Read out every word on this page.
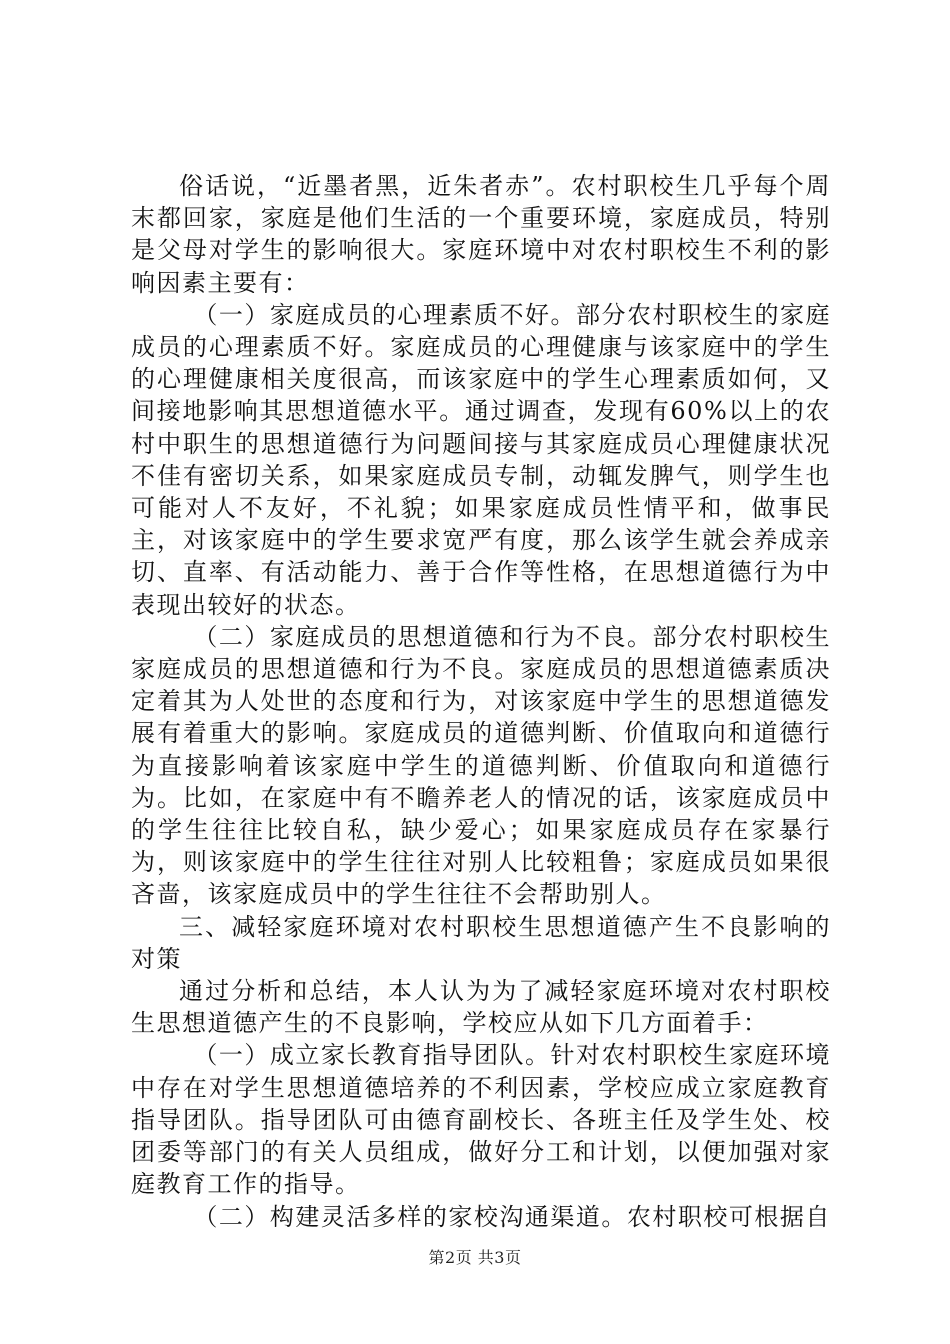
俗话说，“近墨者黑，近朱者赤”。农村职校生几乎每个周末都回家，家庭是他们生活的一个重要环境，家庭成员，特别是父母对学生的影响很大。家庭环境中对农村职校生不利的影响因素主要有：

（一）家庭成员的心理素质不好。部分农村职校生的家庭成员的心理素质不好。家庭成员的心理健康与该家庭中的学生的心理健康相关度很高，而该家庭中的学生心理素质如何，又间接地影响其思想道德水平。通过调查，发现有60%以上的农村中职生的思想道德行为问题间接与其家庭成员心理健康状况不佳有密切关系，如果家庭成员专制，动辄发脾气，则学生也可能对人不友好，不礼貌；如果家庭成员性情平和，做事民主，对该家庭中的学生要求宽严有度，那么该学生就会养成亲切、直率、有活动能力、善于合作等性格，在思想道德行为中表现出较好的状态。

（二）家庭成员的思想道德和行为不良。部分农村职校生家庭成员的思想道德和行为不良。家庭成员的思想道德素质决定着其为人处世的态度和行为，对该家庭中学生的思想道德发展有着重大的影响。家庭成员的道德判断、价值取向和道德行为直接影响着该家庭中学生的道德判断、价值取向和道德行为。比如，在家庭中有不瞻养老人的情况的话，该家庭成员中的学生往往比较自私，缺少爱心；如果家庭成员存在家暴行为，则该家庭中的学生往往对别人比较粗鲁；家庭成员如果很吝啬，该家庭成员中的学生往往不会帮助别人。

三、减轻家庭环境对农村职校生思想道德产生不良影响的对策

通过分析和总结，本人认为为了减轻家庭环境对农村职校生思想道德产生的不良影响，学校应从如下几方面着手：

（一）成立家长教育指导团队。针对农村职校生家庭环境中存在对学生思想道德培养的不利因素，学校应成立家庭教育指导团队。指导团队可由德育副校长、各班主任及学生处、校团委等部门的有关人员组成，做好分工和计划，以便加强对家庭教育工作的指导。

（二）构建灵活多样的家校沟通渠道。农村职校可根据自

第2页 共3页
